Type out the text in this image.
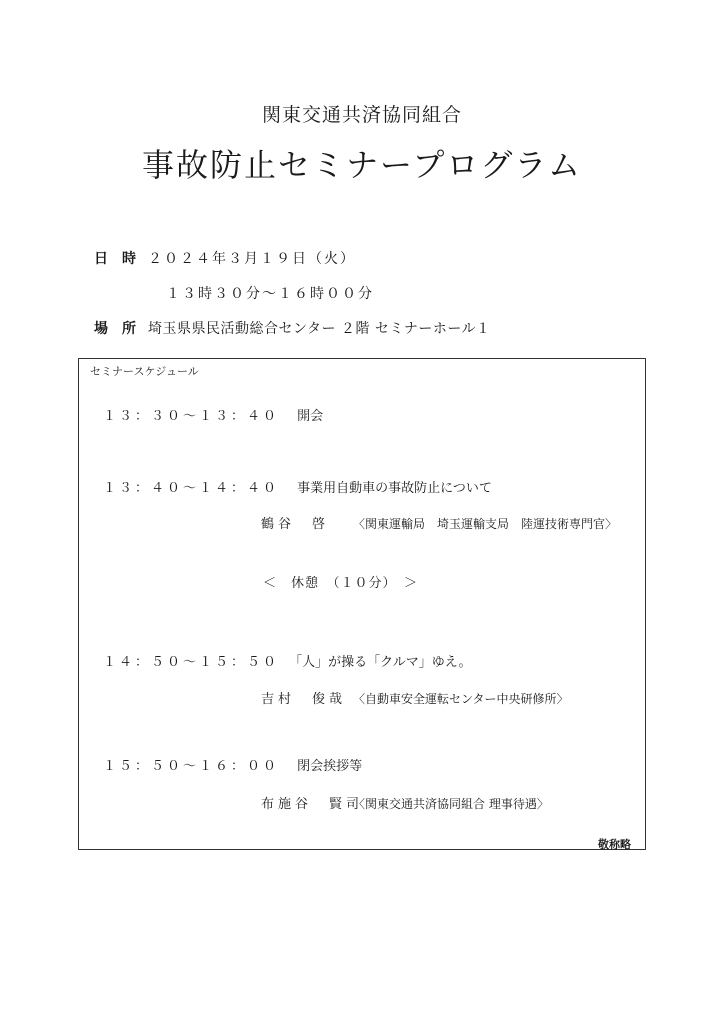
関東交通共済協同組合
事故防止セミナープログラム
日　時 ２０２４年３月１９日（火）
１３時３０分～１６時００分
場　所 埼玉県県民活動総合センター ２階 セミナーホール１
セミナースケジュール
１３：３０～１３：４０ 開会
１３：４０～１４：４０ 事業用自動車の事故防止について
鶴谷　啓 〈関東運輸局　埼玉運輸支局　陸運技術専門官〉
＜　休憩　（１０分）　＞
１４：５０～１５：５０ 「人」が操る「クルマ」ゆえ。
吉村　俊哉 〈自動車安全運転センター中央研修所〉
１５：５０～１６：００ 閉会挨拶等
布施谷　賢司〈関東交通共済協同組合 理事待遇〉
敬称略
